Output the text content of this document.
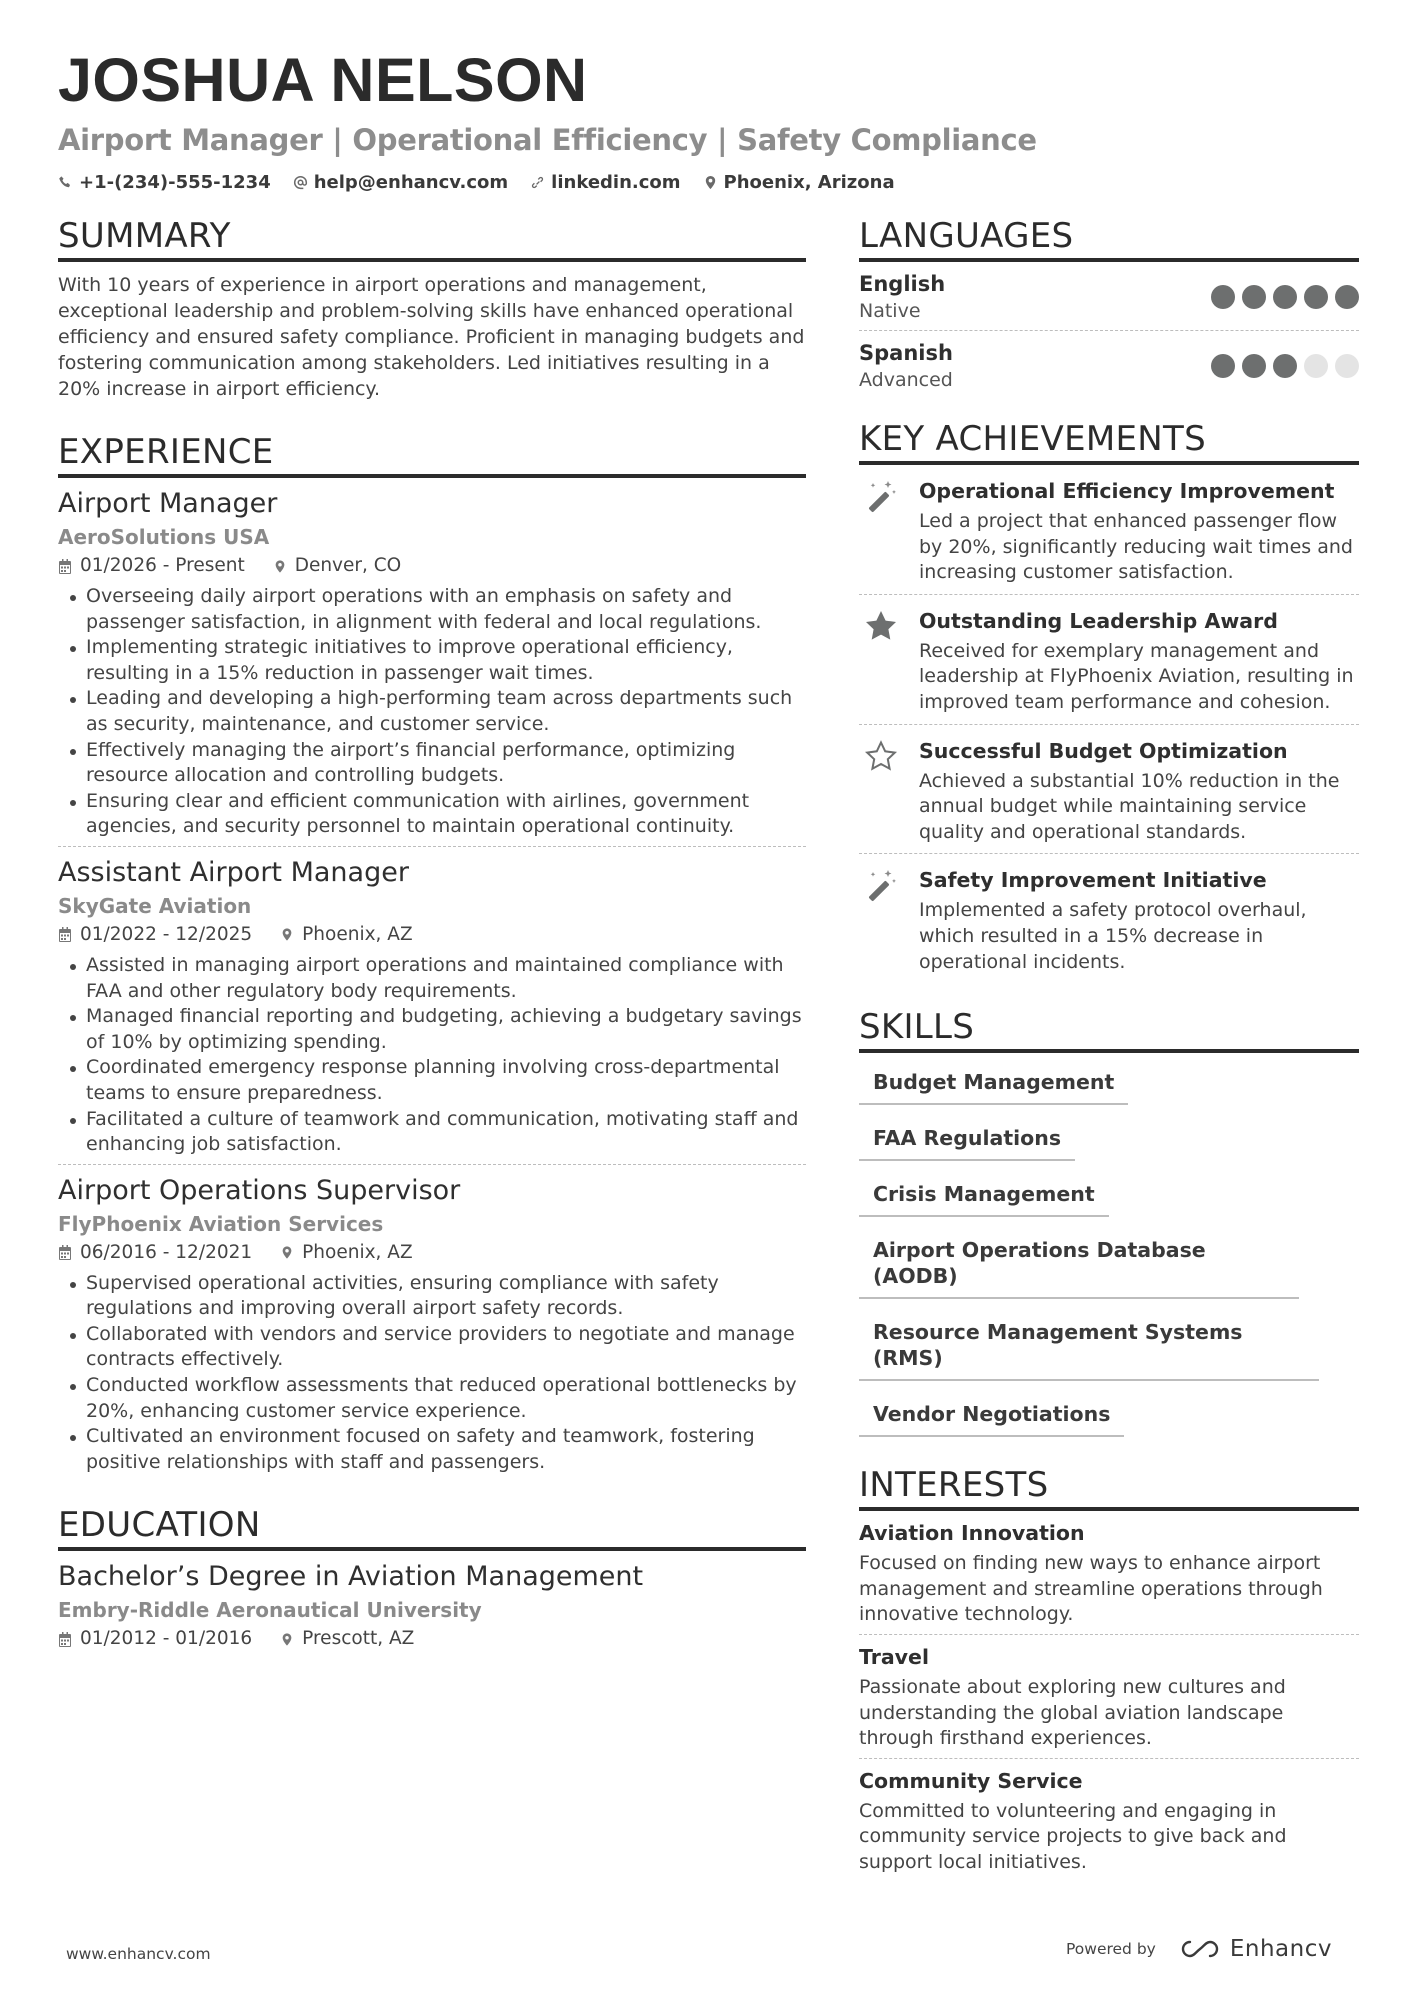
JOSHUA NELSON
Airport Manager | Operational Efficiency | Safety Compliance
+1-(234)-555-1234 help@enhancv.com linkedin.com Phoenix, Arizona
SUMMARY

With 10 years of experience in airport operations and management, exceptional leadership and problem-solving skills have enhanced operational efficiency and ensured safety compliance. Proficient in managing budgets and fostering communication among stakeholders. Led initiatives resulting in a 20% increase in airport efficiency.

EXPERIENCE
Airport Manager
AeroSolutions USA
01/2026 - Present	Denver, CO
Overseeing daily airport operations with an emphasis on safety and passenger satisfaction, in alignment with federal and local regulations.
Implementing strategic initiatives to improve operational efficiency, resulting in a 15% reduction in passenger wait times.
Leading and developing a high-performing team across departments such as security, maintenance, and customer service.
Effectively managing the airport’s financial performance, optimizing resource allocation and controlling budgets.
Ensuring clear and efficient communication with airlines, government agencies, and security personnel to maintain operational continuity.
Assistant Airport Manager
SkyGate Aviation
01/2022 - 12/2025	Phoenix, AZ
Assisted in managing airport operations and maintained compliance with FAA and other regulatory body requirements.
Managed financial reporting and budgeting, achieving a budgetary savings of 10% by optimizing spending.
Coordinated emergency response planning involving cross-departmental teams to ensure preparedness.
Facilitated a culture of teamwork and communication, motivating staff and enhancing job satisfaction.
Airport Operations Supervisor
FlyPhoenix Aviation Services
06/2016 - 12/2021	Phoenix, AZ
Supervised operational activities, ensuring compliance with safety regulations and improving overall airport safety records.
Collaborated with vendors and service providers to negotiate and manage contracts effectively.
Conducted workflow assessments that reduced operational bottlenecks by 20%, enhancing customer service experience.
Cultivated an environment focused on safety and teamwork, fostering positive relationships with staff and passengers.
EDUCATION
Bachelor’s Degree in Aviation Management
Embry-Riddle Aeronautical University
01/2012 - 01/2016	Prescott, AZ
LANGUAGES
English
Native
Spanish
Advanced
KEY ACHIEVEMENTS
Operational Efficiency Improvement
Led a project that enhanced passenger flow by 20%, significantly reducing wait times and increasing customer satisfaction.
Outstanding Leadership Award
Received for exemplary management and leadership at FlyPhoenix Aviation, resulting in improved team performance and cohesion.
Successful Budget Optimization
Achieved a substantial 10% reduction in the annual budget while maintaining service quality and operational standards.
Safety Improvement Initiative
Implemented a safety protocol overhaul, which resulted in a 15% decrease in operational incidents.
SKILLS
Budget Management
FAA Regulations
Crisis Management
Airport Operations Database (AODB)
Resource Management Systems (RMS)
Vendor Negotiations
INTERESTS
Aviation Innovation
Focused on finding new ways to enhance airport management and streamline operations through innovative technology.
Travel
Passionate about exploring new cultures and understanding the global aviation landscape through firsthand experiences.
Community Service
Committed to volunteering and engaging in community service projects to give back and support local initiatives.
www.enhancv.com	Powered by	Enhancv
